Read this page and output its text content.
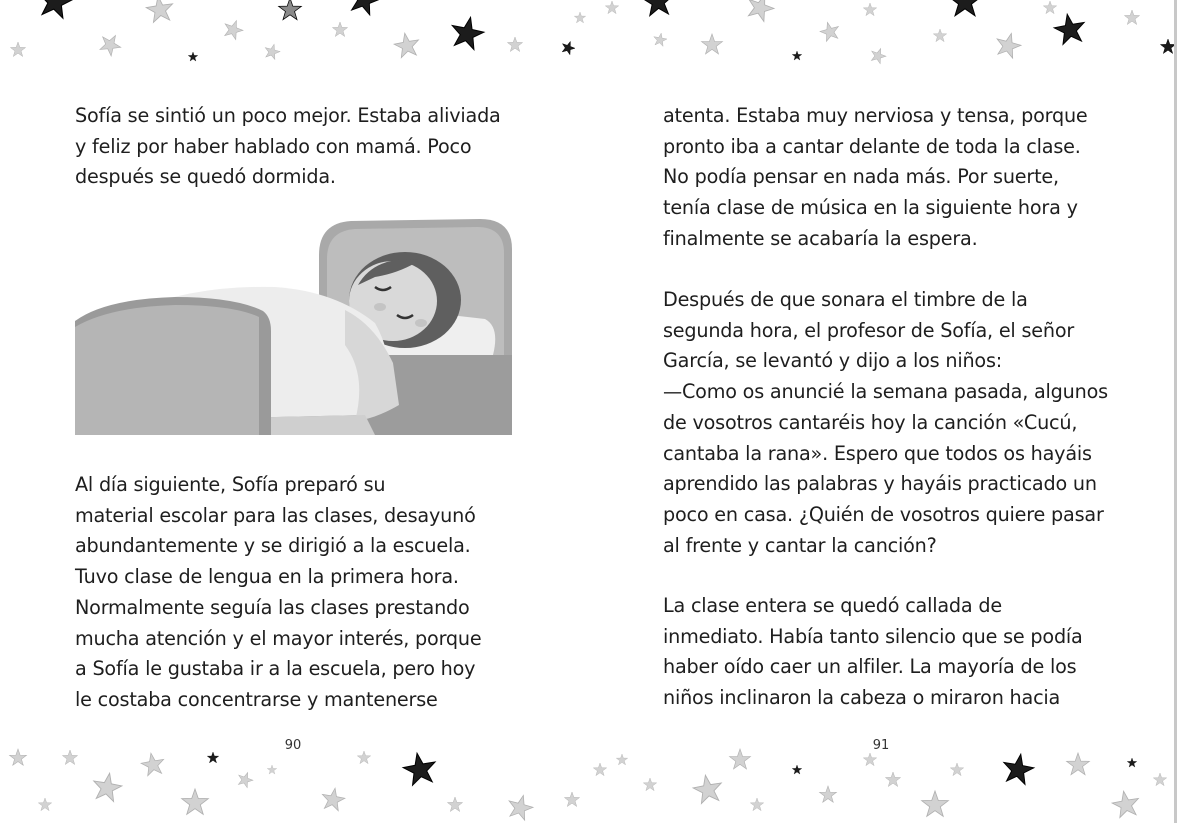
Sofía se sintió un poco mejor. Estaba aliviada
y feliz por haber hablado con mamá. Poco
después se quedó dormida.

Al día siguiente, Sofía preparó su
material escolar para las clases, desayunó
abundantemente y se dirigió a la escuela.
Tuvo clase de lengua en la primera hora.
Normalmente seguía las clases prestando
mucha atención y el mayor interés, porque
a Sofía le gustaba ir a la escuela, pero hoy
le costaba concentrarse y mantenerse

90

atenta. Estaba muy nerviosa y tensa, porque
pronto iba a cantar delante de toda la clase.
No podía pensar en nada más. Por suerte,
tenía clase de música en la siguiente hora y
finalmente se acabaría la espera.

Después de que sonara el timbre de la
segunda hora, el profesor de Sofía, el señor
García, se levantó y dijo a los niños:
—Como os anuncié la semana pasada, algunos
de vosotros cantaréis hoy la canción «Cucú,
cantaba la rana». Espero que todos os hayáis
aprendido las palabras y hayáis practicado un
poco en casa. ¿Quién de vosotros quiere pasar
al frente y cantar la canción?

La clase entera se quedó callada de
inmediato. Había tanto silencio que se podía
haber oído caer un alfiler. La mayoría de los
niños inclinaron la cabeza o miraron hacia

91
